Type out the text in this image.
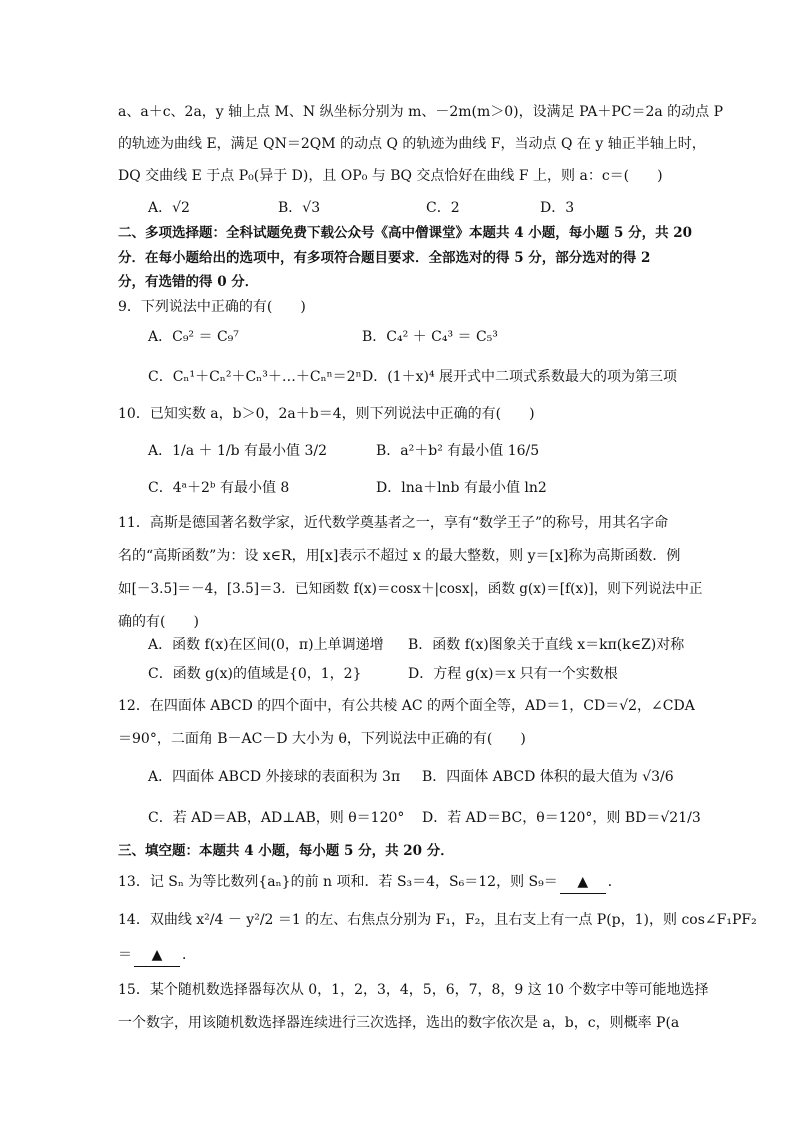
a、a＋c、2a，y 轴上点 M、N 纵坐标分别为 m、－2m(m＞0)，设满足 PA＋PC＝2a 的动点 P
的轨迹为曲线 E，满足 QN＝2QM 的动点 Q 的轨迹为曲线 F，当动点 Q 在 y 轴正半轴上时，
DQ 交曲线 E 于点 P₀(异于 D)，且 OP₀ 与 BQ 交点恰好在曲线 F 上，则 a：c＝(　　)
A．√2	B．√3	C．2	D．3
二、多项选择题：全科试题免费下载公众号《高中僧课堂》本题共 4 小题，每小题 5 分，共 20
分．在每小题给出的选项中，有多项符合题目要求．全部选对的得 5 分，部分选对的得 2
分，有选错的得 0 分．
9．下列说法中正确的有(　　)
A．C₉² ＝ C₉⁷	B．C₄² ＋ C₄³ ＝ C₅³
C．Cₙ¹＋Cₙ²＋Cₙ³＋…＋Cₙⁿ＝2ⁿ D．(1＋x)⁴ 展开式中二项式系数最大的项为第三项
10．已知实数 a，b＞0，2a＋b＝4，则下列说法中正确的有(　　)
A．1/a ＋ 1/b 有最小值 3/2	B．a²＋b² 有最小值 16/5
C．4ᵃ＋2ᵇ 有最小值 8	D．lna＋lnb 有最小值 ln2
11．高斯是德国著名数学家，近代数学奠基者之一，享有“数学王子”的称号，用其名字命
名的“高斯函数”为：设 x∈R，用[x]表示不超过 x 的最大整数，则 y＝[x]称为高斯函数．例
如[－3.5]＝－4，[3.5]＝3．已知函数 f(x)＝cosx＋|cosx|，函数 g(x)＝[f(x)]，则下列说法中正
确的有(　　)
A．函数 f(x)在区间(0，π)上单调递增 B．函数 f(x)图象关于直线 x＝kπ(k∈Z)对称
C．函数 g(x)的值域是{0，1，2}	D．方程 g(x)＝x 只有一个实数根
12．在四面体 ABCD 的四个面中，有公共棱 AC 的两个面全等，AD＝1，CD＝√2，∠CDA
＝90°，二面角 B－AC－D 大小为 θ，下列说法中正确的有(　　)
A．四面体 ABCD 外接球的表面积为 3π B．四面体 ABCD 体积的最大值为 √3/6
C．若 AD＝AB，AD⊥AB，则 θ＝120° D．若 AD＝BC，θ＝120°，则 BD＝√21/3
三、填空题：本题共 4 小题，每小题 5 分，共 20 分．
13．记 Sₙ 为等比数列{aₙ}的前 n 项和．若 S₃＝4，S₆＝12，则 S₉＝ ▲ ．
14．双曲线 x²/4 － y²/2 ＝1 的左、右焦点分别为 F₁，F₂，且右支上有一点 P(p，1)，则 cos∠F₁PF₂
＝ ▲ ．
15．某个随机数选择器每次从 0，1，2，3，4，5，6，7，8，9 这 10 个数字中等可能地选择
一个数字，用该随机数选择器连续进行三次选择，选出的数字依次是 a，b，c，则概率 P(a
